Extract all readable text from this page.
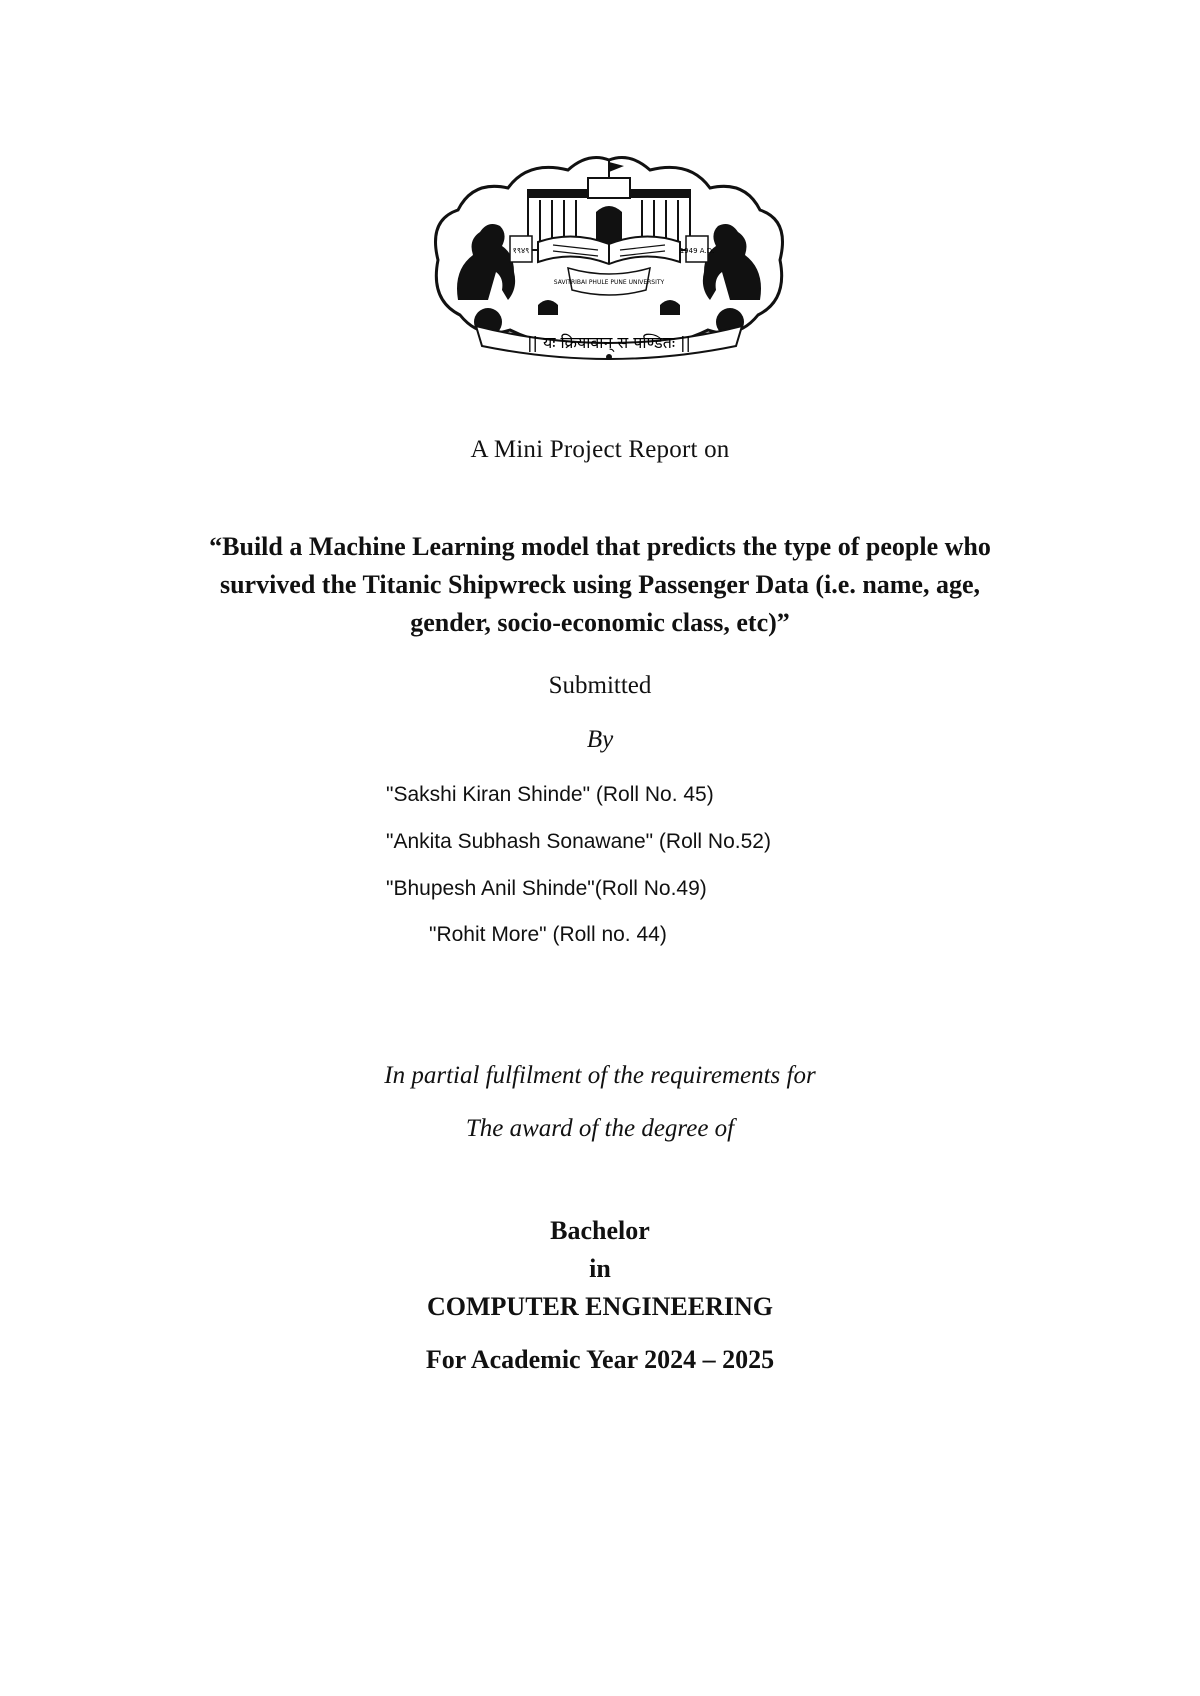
१९४९	1949 A.D.
SAVITRIBAI PHULE PUNE UNIVERSITY
|| यः क्रियावान् स पण्डितः ||
A Mini Project Report on
“Build a Machine Learning model that predicts the type of people who
survived the Titanic Shipwreck using Passenger Data (i.e. name, age,
gender, socio-economic class, etc)”
Submitted
By
"Sakshi Kiran Shinde" (Roll No. 45)
"Ankita Subhash Sonawane" (Roll No.52)
"Bhupesh Anil Shinde"(Roll No.49)
"Rohit More" (Roll no. 44)
In partial fulfilment of the requirements for
The award of the degree of
Bachelor
in
COMPUTER ENGINEERING
For Academic Year 2024 – 2025
